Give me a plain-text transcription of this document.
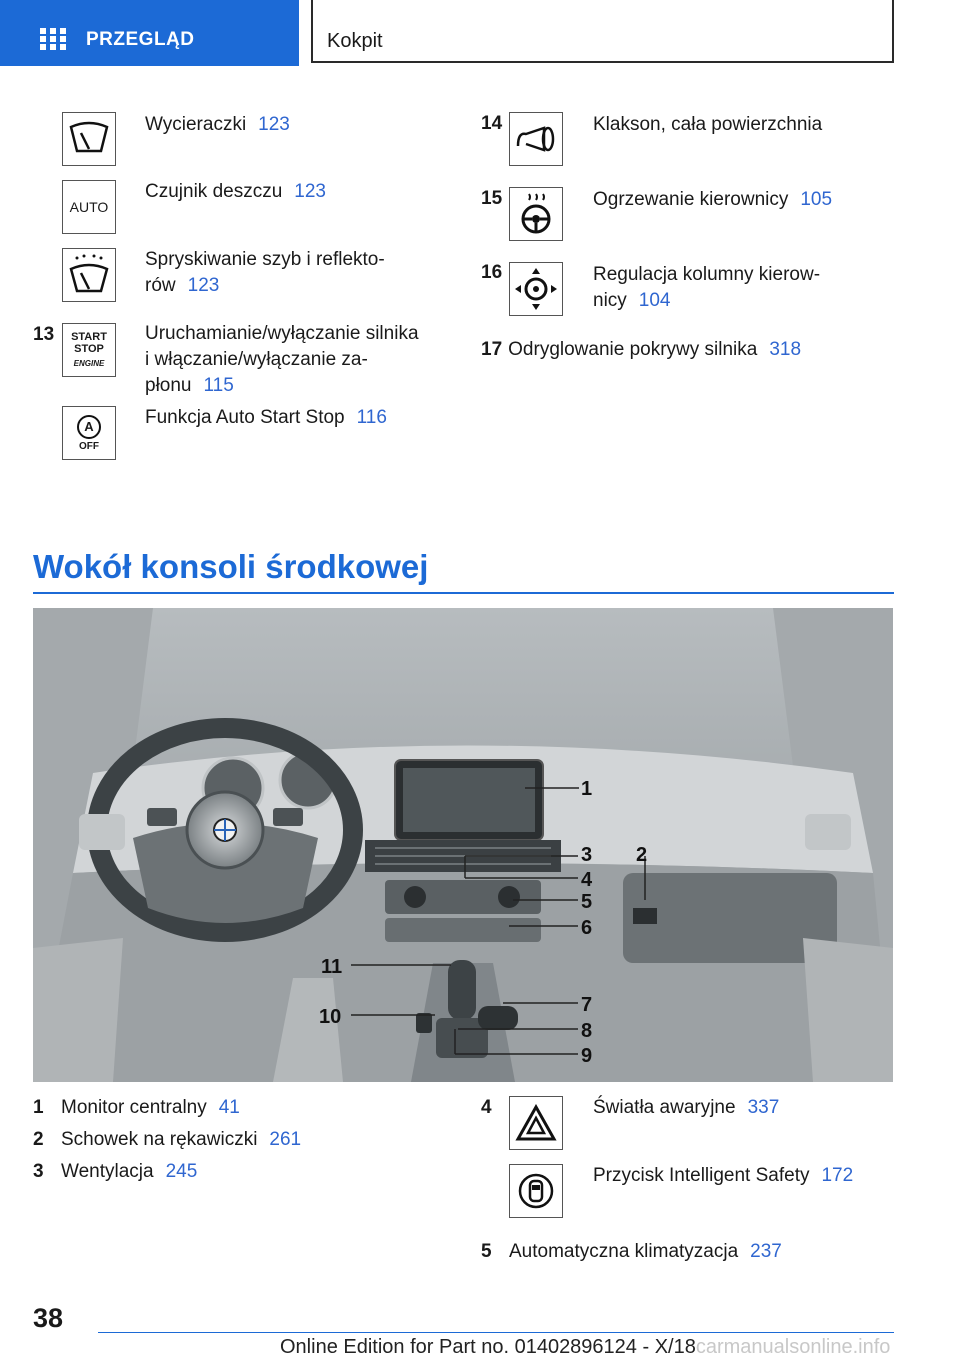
PRZEGLĄD	Kokpit
Wycieraczki 123
AUTO
Czujnik deszczu 123
Spryskiwanie szyb i reflekto-
rów 123
13 START
STOP
ENGINE
Uruchamianie/wyłączanie silnika
i włączanie/wyłączanie za-
płonu 115
A
OFF
Funkcja Auto Start Stop 116
14	Klakson, cała powierzchnia
15	Ogrzewanie kierownicy 105
16	Regulacja kolumny kierow-
nicy 104
17 Odryglowanie pokrywy silnika 318
Wokół konsoli środkowej
1
2
3
4
5
6
7
8
9
10
11
1 Monitor centralny 41
2 Schowek na rękawiczki 261
3 Wentylacja 245
4	Światła awaryjne 337
Przycisk Intelligent Safety 172
5 Automatyczna klimatyzacja 237
38
Online Edition for Part no. 01402896124 - X/18carmanualsonline.info
